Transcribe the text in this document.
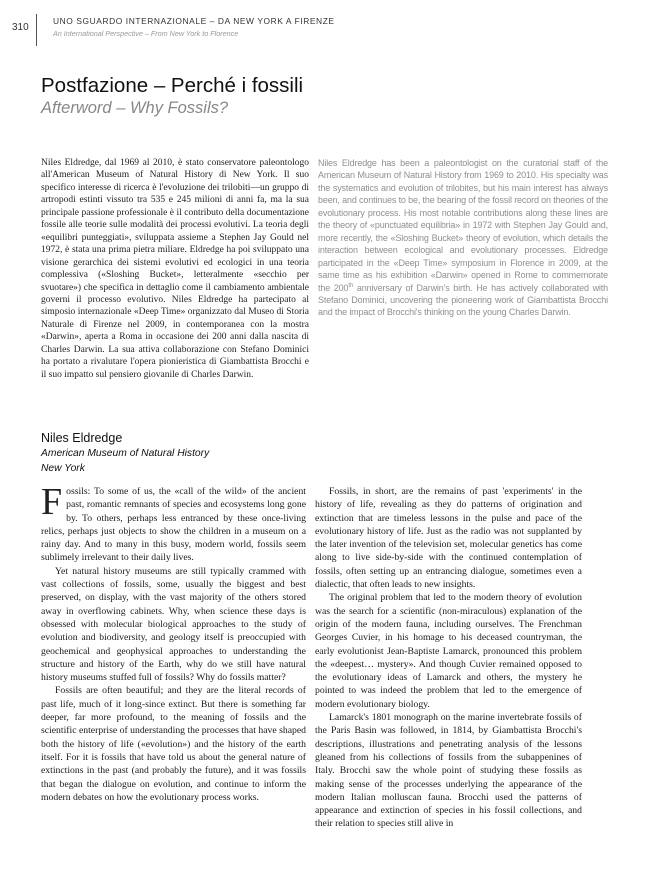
310
UNO SGUARDO INTERNAZIONALE – DA NEW YORK A FIRENZE
An International Perspective – From New York to Florence
Postfazione – Perché i fossili
Afterword – Why Fossils?

Niles Eldredge, dal 1969 al 2010, è stato conservatore paleontologo all'American Museum of Natural History di New York. Il suo specifico interesse di ricerca è l'evoluzione dei trilobiti—un gruppo di artropodi estinti vissuto tra 535 e 245 milioni di anni fa, ma la sua principale passione professionale è il contributo della documentazione fossile alle teorie sulle modalità dei processi evolutivi. La teoria degli «equilibri punteggiati», sviluppata assieme a Stephen Jay Gould nel 1972, è stata una prima pietra miliare. Eldredge ha poi sviluppato una visione gerarchica dei sistemi evolutivi ed ecologici in una teoria complessiva («Sloshing Bucket», letteralmente «secchio per svuotare») che specifica in dettaglio come il cambiamento ambientale governi il processo evolutivo. Niles Eldredge ha partecipato al simposio internazionale «Deep Time» organizzato dal Museo di Storia Naturale di Firenze nel 2009, in contemporanea con la mostra «Darwin», aperta a Roma in occasione dei 200 anni dalla nascita di Charles Darwin. La sua attiva collaborazione con Stefano Dominici ha portato a rivalutare l'opera pionieristica di Giambattista Brocchi e il suo impatto sul pensiero giovanile di Charles Darwin.

Niles Eldredge has been a paleontologist on the curatorial staff of the American Museum of Natural History from 1969 to 2010. His specialty was the systematics and evolution of trilobites, but his main interest has always been, and continues to be, the bearing of the fossil record on theories of the evolutionary process. His most notable contributions along these lines are the theory of «punctuated equilibria» in 1972 with Stephen Jay Gould and, more recently, the «Sloshing Bucket» theory of evolution, which details the interaction between ecological and evolutionary processes. Eldredge participated in the «Deep Time» symposium in Florence in 2009, at the same time as his exhibition «Darwin» opened in Rome to commemorate the 200th anniversary of Darwin's birth. He has actively collaborated with Stefano Dominici, uncovering the pioneering work of Giambattista Brocchi and the impact of Brocchi's thinking on the young Charles Darwin.

Niles Eldredge
American Museum of Natural History
New York

Fossils: To some of us, the «call of the wild» of the ancient past, romantic remnants of species and ecosystems long gone by. To others, perhaps less entranced by these once-living relics, perhaps just objects to show the children in a museum on a rainy day. And to many in this busy, modern world, fossils seem sublimely irrelevant to their daily lives.

Yet natural history museums are still typically crammed with vast collections of fossils, some, usually the biggest and best preserved, on display, with the vast majority of the others stored away in overflowing cabinets. Why, when science these days is obsessed with molecular biological approaches to the study of evolution and biodiversity, and geology itself is preoccupied with geochemical and geophysical approaches to understanding the structure and history of the Earth, why do we still have natural history museums stuffed full of fossils? Why do fossils matter?

Fossils are often beautiful; and they are the literal records of past life, much of it long-since extinct. But there is something far deeper, far more profound, to the meaning of fossils and the scientific enterprise of understanding the processes that have shaped both the history of life («evolution») and the history of the earth itself. For it is fossils that have told us about the general nature of extinctions in the past (and probably the future), and it was fossils that began the dialogue on evolution, and continue to inform the modern debates on how the evolutionary process works.

Fossils, in short, are the remains of past 'experiments' in the history of life, revealing as they do patterns of origination and extinction that are timeless lessons in the pulse and pace of the evolutionary history of life. Just as the radio was not supplanted by the later invention of the television set, molecular genetics has come along to live side-by-side with the continued contemplation of fossils, often setting up an entrancing dialogue, sometimes even a dialectic, that often leads to new insights.

The original problem that led to the modern theory of evolution was the search for a scientific (non-miraculous) explanation of the origin of the modern fauna, including ourselves. The Frenchman Georges Cuvier, in his homage to his deceased countryman, the early evolutionist Jean-Baptiste Lamarck, pronounced this problem the «deepest… mystery». And though Cuvier remained opposed to the evolutionary ideas of Lamarck and others, the mystery he pointed to was indeed the problem that led to the emergence of modern evolutionary biology.

Lamarck's 1801 monograph on the marine invertebrate fossils of the Paris Basin was followed, in 1814, by Giambattista Brocchi's descriptions, illustrations and penetrating analysis of the lessons gleaned from his collections of fossils from the subappenines of Italy. Brocchi saw the whole point of studying these fossils as making sense of the processes underlying the appearance of the modern Italian molluscan fauna. Brocchi used the patterns of appearance and extinction of species in his fossil collections, and their relation to species still alive in
